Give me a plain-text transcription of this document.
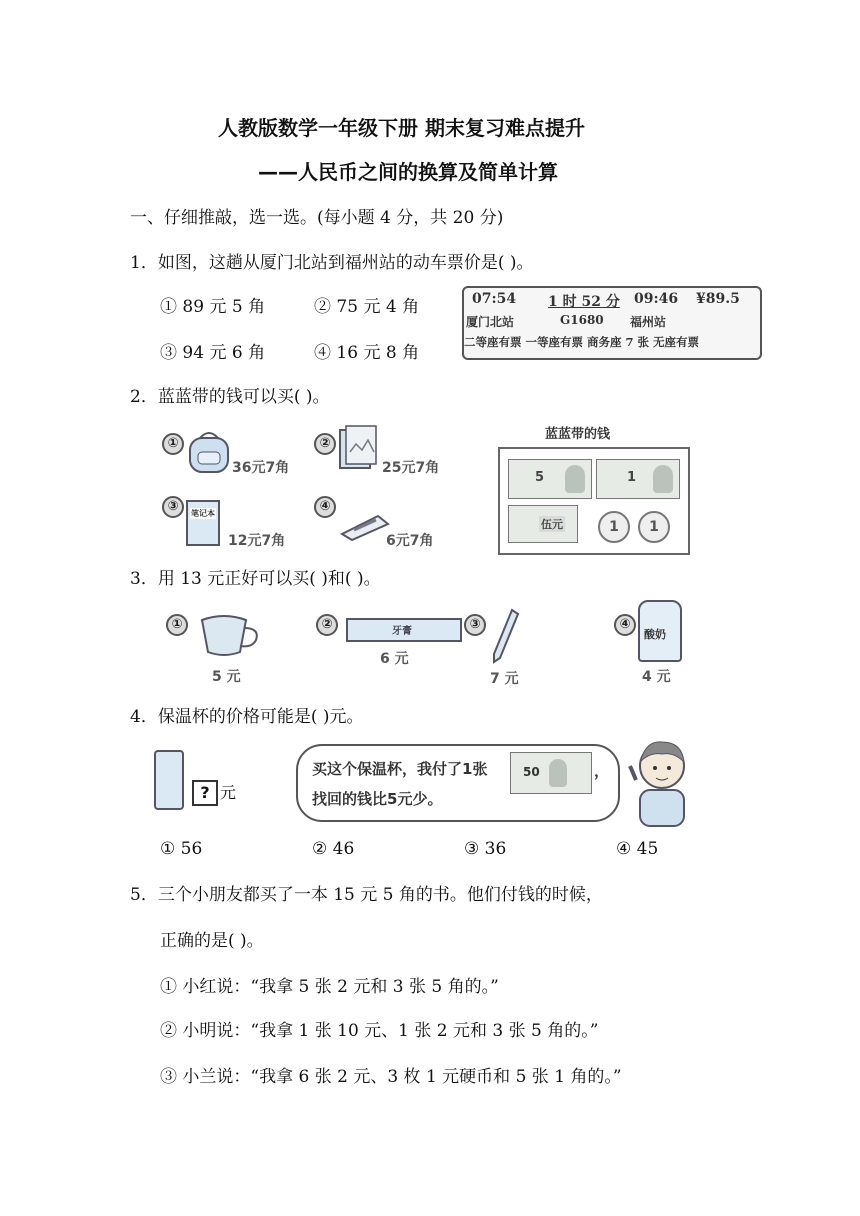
人教版数学一年级下册 期末复习难点提升
——人民币之间的换算及简单计算
一、仔细推敲，选一选。(每小题 4 分，共 20 分)
1．如图，这趟从厦门北站到福州站的动车票价是( )。
① 89 元 5 角	② 75 元 4 角
③ 94 元 6 角	④ 16 元 8 角
07:54 1 时 52 分 09:46 ¥89.5
厦门北站	G1680 福州站
二等座有票 一等座有票 商务座 7 张 无座有票
2．蓝蓝带的钱可以买( )。
①
36元7角
②
25元7角
③	笔记本
12元7角
④
6元7角
蓝蓝带的钱
5	1
伍元	1	1
3．用 13 元正好可以买( )和( )。
①
5 元
②	牙膏
6 元
③
7 元
④
酸奶
4 元
4．保温杯的价格可能是( )元。
? 元
买这个保温杯，我付了1张
找回的钱比5元少。
50	，
① 56	② 46	③ 36	④ 45
5．三个小朋友都买了一本 15 元 5 角的书。他们付钱的时候，
正确的是( )。
① 小红说：“我拿 5 张 2 元和 3 张 5 角的。”
② 小明说：“我拿 1 张 10 元、1 张 2 元和 3 张 5 角的。”
③ 小兰说：“我拿 6 张 2 元、3 枚 1 元硬币和 5 张 1 角的。”
